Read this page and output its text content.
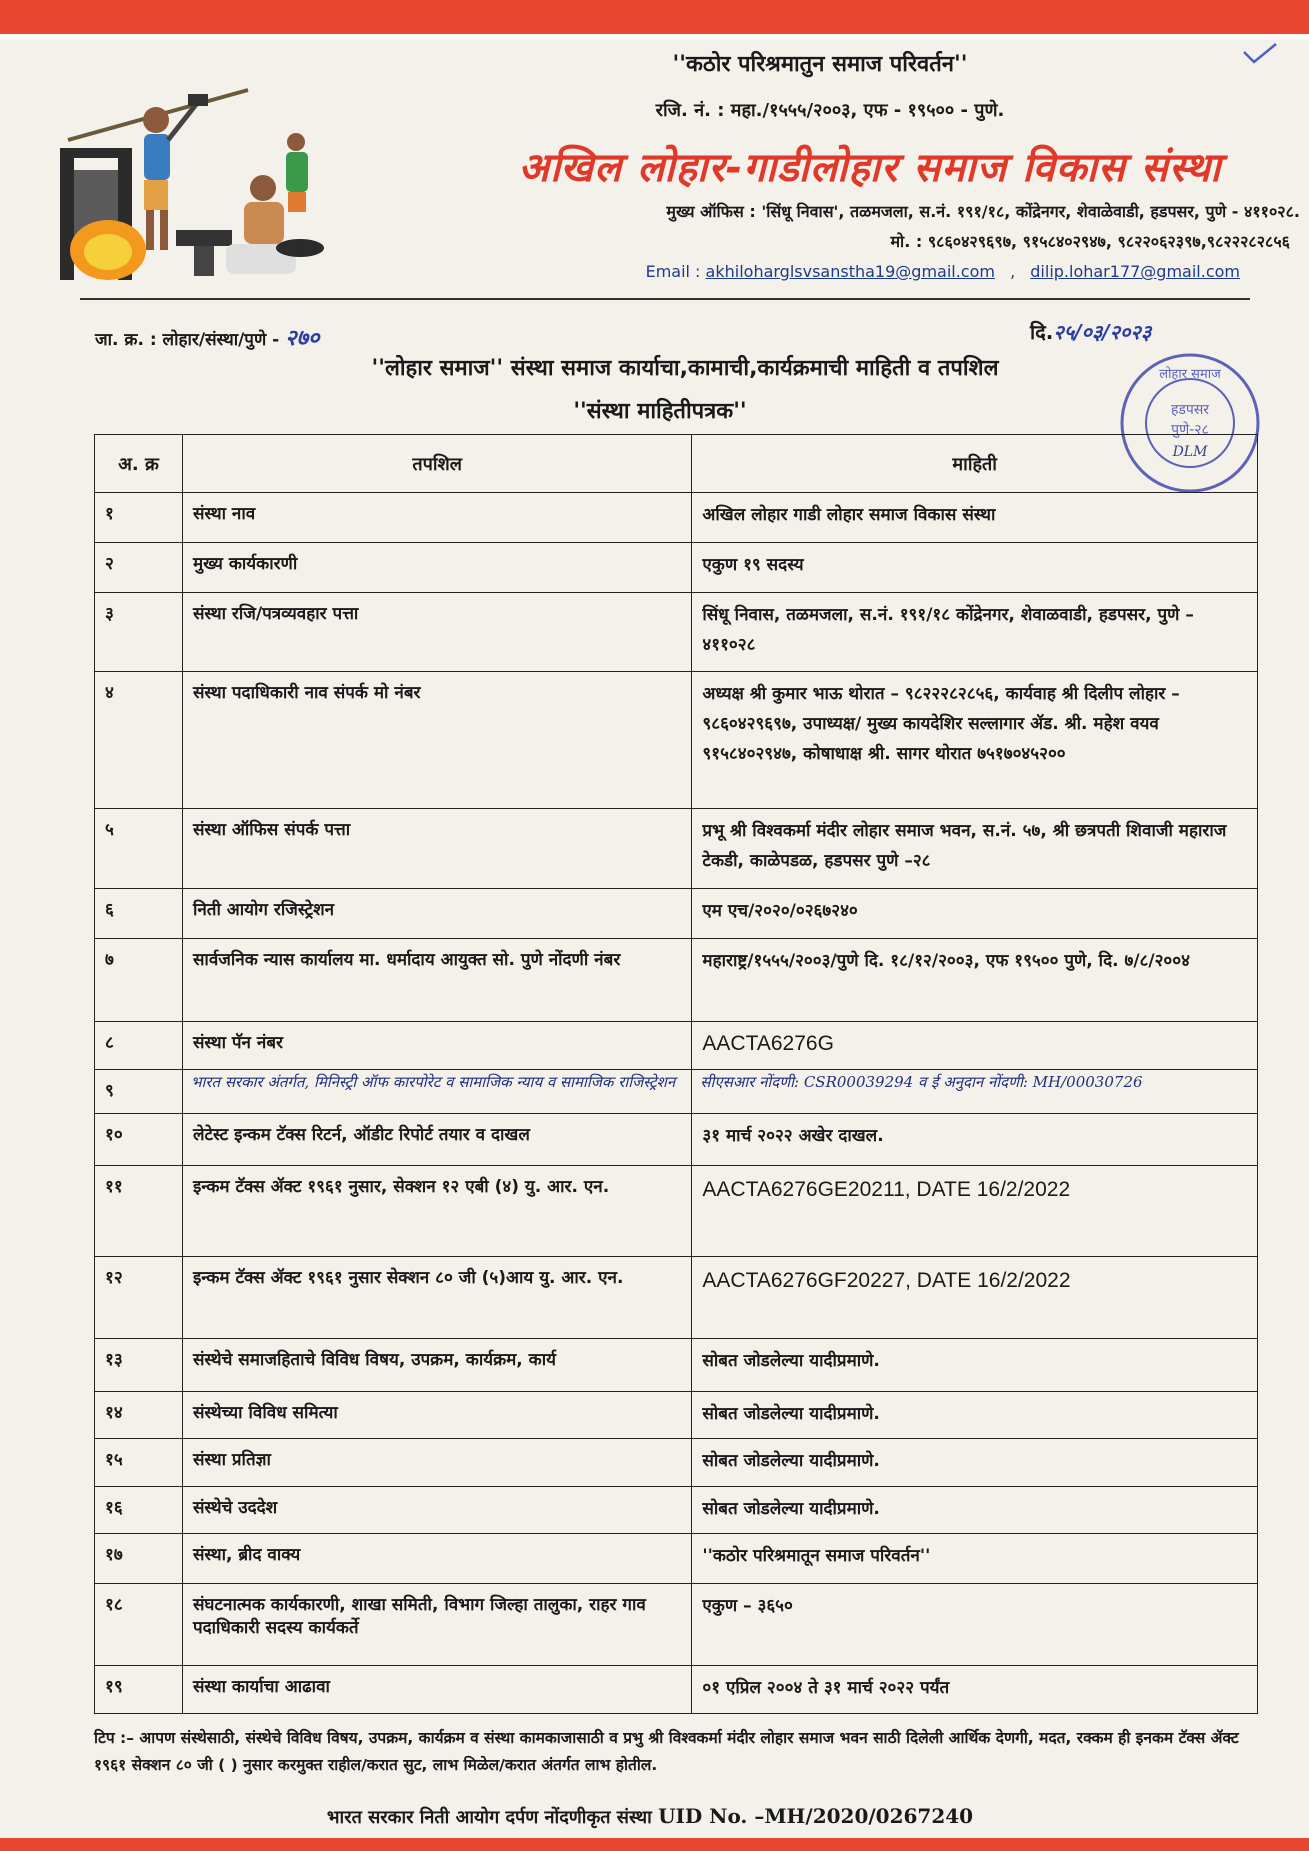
''कठोर परिश्रमातुन समाज परिवर्तन''
रजि. नं. : महा./१५५५/२००३, एफ - १९५०० - पुणे.
अखिल लोहार-गाडीलोहार समाज विकास संस्था
मुख्य ऑफिस : 'सिंधू निवास', तळमजला, स.नं. १९१/१८, कोंद्रेनगर, शेवाळेवाडी, हडपसर, पुणे - ४११०२८.
मो. : ९८६०४२९६९७, ९१५८४०२९४७, ९८२२०६२३९७,९८२२२८२८५६
Email : akhiloharglsvsanstha19@gmail.com , dilip.lohar177@gmail.com
जा. क्र. : लोहार/संस्था/पुणे - २७०	दि.२५/०३/२०२३
''लोहार समाज'' संस्था समाज कार्याचा,कामाची,कार्यक्रमाची माहिती व तपशिल
''संस्था माहितीपत्रक''
लोहार समाज
हडपसर
पुणे-२८
DLM
अ. क्र	तपशिल	माहिती
१	संस्था नाव	अखिल लोहार गाडी लोहार समाज विकास संस्था
२	मुख्य कार्यकारणी	एकुण १९ सदस्य
३	संस्था रजि/पत्रव्यवहार पत्ता	सिंधू निवास, तळमजला, स.नं. १९१/१८ कोंद्रेनगर, शेवाळवाडी, हडपसर, पुणे – ४११०२८
४	संस्था पदाधिकारी नाव संपर्क मो नंबर	अध्यक्ष श्री कुमार भाऊ थोरात – ९८२२२८२८५६, कार्यवाह श्री दिलीप लोहार – ९८६०४२९६९७, उपाध्यक्ष/ मुख्य कायदेशिर सल्लागार ॲड. श्री. महेश वयव ९१५८४०२९४७, कोषाधाक्ष श्री. सागर थोरात ७५१७०४५२००
५	संस्था ऑफिस संपर्क पत्ता	प्रभू श्री विश्वकर्मा मंदीर लोहार समाज भवन, स.नं. ५७, श्री छत्रपती शिवाजी महाराज टेकडी, काळेपडळ, हडपसर पुणे –२८
६	निती आयोग रजिस्ट्रेशन	एम एच/२०२०/०२६७२४०
७	सार्वजनिक न्यास कार्यालय मा. धर्मादाय आयुक्त सो. पुणे नोंदणी नंबर	महाराष्ट्र/१५५५/२००३/पुणे दि. १८/१२/२००३, एफ १९५०० पुणे, दि. ७/८/२००४
८	संस्था पॅन नंबर	AACTA6276G
९	भारत सरकार अंतर्गत, मिनिस्ट्री ऑफ कारपोरेट व सामाजिक न्याय व सामाजिक राजिस्ट्रेशन	सीएसआर नोंदणी: CSR00039294 व ई अनुदान नोंदणी: MH/00030726
१०	लेटेस्ट इन्कम टॅक्स रिटर्न, ऑडीट रिपोर्ट तयार व दाखल	३१ मार्च २०२२ अखेर दाखल.
११	इन्कम टॅक्स ॲक्ट १९६१ नुसार, सेक्शन १२ एबी (४) यु. आर. एन.	AACTA6276GE20211, DATE 16/2/2022
१२	इन्कम टॅक्स ॲक्ट १९६१ नुसार सेक्शन ८० जी (५)आय यु. आर. एन.	AACTA6276GF20227, DATE 16/2/2022
१३	संस्थेचे समाजहिताचे विविध विषय, उपक्रम, कार्यक्रम, कार्य	सोबत जोडलेल्या यादीप्रमाणे.
१४	संस्थेच्या विविध समित्या	सोबत जोडलेल्या यादीप्रमाणे.
१५	संस्था प्रतिज्ञा	सोबत जोडलेल्या यादीप्रमाणे.
१६	संस्थेचे उददेश	सोबत जोडलेल्या यादीप्रमाणे.
१७	संस्था, ब्रीद वाक्य	''कठोर परिश्रमातून समाज परिवर्तन''
१८	संघटनात्मक कार्यकारणी, शाखा समिती, विभाग जिल्हा तालुका, राहर गाव पदाधिकारी सदस्य कार्यकर्ते	एकुण – ३६५०
१९	संस्था कार्याचा आढावा	०१ एप्रिल २००४ ते ३१ मार्च २०२२ पर्यंत
टिप :– आपण संस्थेसाठी, संस्थेचे विविध विषय, उपक्रम, कार्यक्रम व संस्था कामकाजासाठी व प्रभु श्री विश्वकर्मा मंदीर लोहार समाज भवन साठी दिलेली आर्थिक देणगी, मदत, रक्कम ही इनकम टॅक्स ॲक्ट १९६१ सेक्शन ८० जी ( ) नुसार करमुक्त राहील/करात सुट, लाभ मिळेल/करात अंतर्गत लाभ होतील.
भारत सरकार निती आयोग दर्पण नोंदणीकृत संस्था UID No. –MH/2020/0267240
